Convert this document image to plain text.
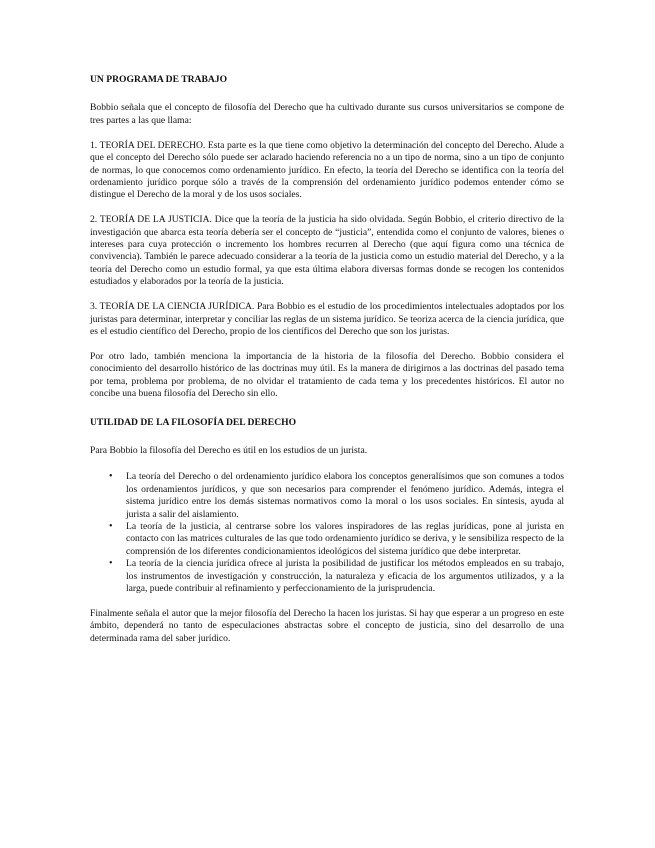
UN PROGRAMA DE TRABAJO

Bobbio señala que el concepto de filosofía del Derecho que ha cultivado durante sus cursos universitarios se compone de tres partes a las que llama:

1. TEORÍA DEL DERECHO. Esta parte es la que tiene como objetivo la determinación del concepto del Derecho. Alude a que el concepto del Derecho sólo puede ser aclarado haciendo referencia no a un tipo de norma, sino a un tipo de conjunto de normas, lo que conocemos como ordenamiento jurídico. En efecto, la teoría del Derecho se identifica con la teoría del ordenamiento jurídico porque sólo a través de la comprensión del ordenamiento jurídico podemos entender cómo se distingue el Derecho de la moral y de los usos sociales.

2. TEORÍA DE LA JUSTICIA. Dice que la teoría de la justicia ha sido olvidada. Según Bobbio, el criterio directivo de la investigación que abarca esta teoría debería ser el concepto de “justicia”, entendida como el conjunto de valores, bienes o intereses para cuya protección o incremento los hombres recurren al Derecho (que aquí figura como una técnica de convivencia). También le parece adecuado considerar a la teoría de la justicia como un estudio material del Derecho, y a la teoría del Derecho como un estudio formal, ya que esta última elabora diversas formas donde se recogen los contenidos estudiados y elaborados por la teoría de la justicia.

3. TEORÍA DE LA CIENCIA JURÍDICA. Para Bobbio es el estudio de los procedimientos intelectuales adoptados por los juristas para determinar, interpretar y conciliar las reglas de un sistema jurídico. Se teoriza acerca de la ciencia jurídica, que es el estudio científico del Derecho, propio de los científicos del Derecho que son los juristas.

Por otro lado, también menciona la importancia de la historia de la filosofía del Derecho. Bobbio considera el conocimiento del desarrollo histórico de las doctrinas muy útil. Es la manera de dirigirnos a las doctrinas del pasado tema por tema, problema por problema, de no olvidar el tratamiento de cada tema y los precedentes históricos. El autor no concibe una buena filosofía del Derecho sin ello.

UTILIDAD DE LA FILOSOFÍA DEL DERECHO

Para Bobbio la filosofía del Derecho es útil en los estudios de un jurista.

• La teoría del Derecho o del ordenamiento jurídico elabora los conceptos generalísimos que son comunes a todos los ordenamientos jurídicos, y que son necesarios para comprender el fenómeno jurídico. Además, integra el sistema jurídico entre los demás sistemas normativos como la moral o los usos sociales. En síntesis, ayuda al jurista a salir del aislamiento.
• La teoría de la justicia, al centrarse sobre los valores inspiradores de las reglas jurídicas, pone al jurista en contacto con las matrices culturales de las que todo ordenamiento jurídico se deriva, y le sensibiliza respecto de la comprensión de los diferentes condicionamientos ideológicos del sistema jurídico que debe interpretar.
• La teoría de la ciencia jurídica ofrece al jurista la posibilidad de justificar los métodos empleados en su trabajo, los instrumentos de investigación y construcción, la naturaleza y eficacia de los argumentos utilizados, y a la larga, puede contribuir al refinamiento y perfeccionamiento de la jurisprudencia.

Finalmente señala el autor que la mejor filosofía del Derecho la hacen los juristas. Si hay que esperar a un progreso en este ámbito, dependerá no tanto de especulaciones abstractas sobre el concepto de justicia, sino del desarrollo de una determinada rama del saber jurídico.
